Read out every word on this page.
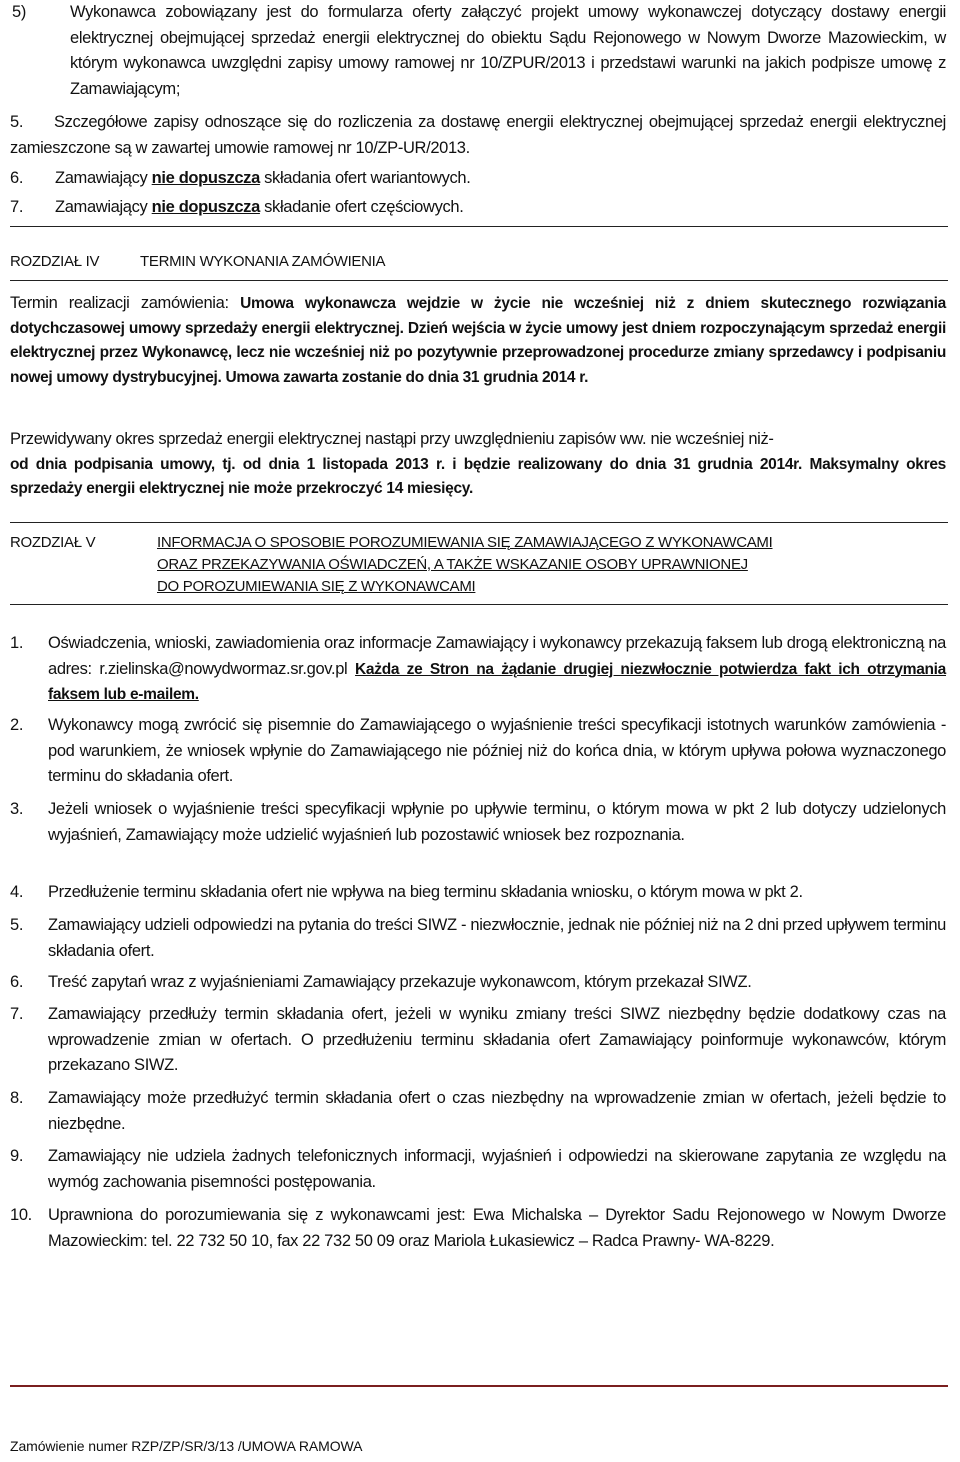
5)	Wykonawca zobowiązany jest do formularza oferty załączyć projekt umowy wykonawczej dotyczący dostawy energii elektrycznej obejmującej sprzedaż energii elektrycznej do obiektu Sądu Rejonowego w Nowym Dworze Mazowieckim, w którym wykonawca uwzględni zapisy umowy ramowej nr 10/ZPUR/2013 i przedstawi warunki na jakich podpisze umowę z Zamawiającym;
5.	Szczegółowe zapisy odnoszące się do rozliczenia za dostawę energii elektrycznej obejmującej sprzedaż energii elektrycznej zamieszczone są w zawartej umowie ramowej nr 10/ZP-UR/2013.
6. Zamawiający nie dopuszcza składania ofert wariantowych.
7. Zamawiający nie dopuszcza składanie ofert częściowych.
ROZDZIAŁ IV	TERMIN WYKONANIA ZAMÓWIENIA
Termin realizacji zamówienia: Umowa wykonawcza wejdzie w życie nie wcześniej niż z dniem skutecznego rozwiązania dotychczasowej umowy sprzedaży energii elektrycznej. Dzień wejścia w życie umowy jest dniem rozpoczynającym sprzedaż energii elektrycznej przez Wykonawcę, lecz nie wcześniej niż po pozytywnie przeprowadzonej procedurze zmiany sprzedawcy i podpisaniu nowej umowy dystrybucyjnej. Umowa zawarta zostanie do dnia 31 grudnia 2014 r.
Przewidywany okres sprzedaż energii elektrycznej nastąpi przy uwzględnieniu zapisów ww. nie wcześniej niż-
od dnia podpisania umowy, tj. od dnia 1 listopada 2013 r. i będzie realizowany do dnia 31 grudnia 2014r. Maksymalny okres sprzedaży energii elektrycznej nie może przekroczyć 14 miesięcy.
ROZDZIAŁ V	INFORMACJA O SPOSOBIE POROZUMIEWANIA SIĘ ZAMAWIAJĄCEGO Z WYKONAWCAMI
ORAZ PRZEKAZYWANIA OŚWIADCZEŃ, A TAKŻE WSKAZANIE OSOBY UPRAWNIONEJ
DO POROZUMIEWANIA SIĘ Z WYKONAWCAMI
1. Oświadczenia, wnioski, zawiadomienia oraz informacje Zamawiający i wykonawcy przekazują faksem lub drogą elektroniczną na adres: r.zielinska@nowydwormaz.sr.gov.pl Każda ze Stron na żądanie drugiej niezwłocznie potwierdza fakt ich otrzymania faksem lub e-mailem.
2. Wykonawcy mogą zwrócić się pisemnie do Zamawiającego o wyjaśnienie treści specyfikacji istotnych warunków zamówienia - pod warunkiem, że wniosek wpłynie do Zamawiającego nie później niż do końca dnia, w którym upływa połowa wyznaczonego terminu do składania ofert.
3. Jeżeli wniosek o wyjaśnienie treści specyfikacji wpłynie po upływie terminu, o którym mowa w pkt 2 lub dotyczy udzielonych wyjaśnień, Zamawiający może udzielić wyjaśnień lub pozostawić wniosek bez rozpoznania.
4. Przedłużenie terminu składania ofert nie wpływa na bieg terminu składania wniosku, o którym mowa w pkt 2.
5. Zamawiający udzieli odpowiedzi na pytania do treści SIWZ - niezwłocznie, jednak nie później niż na 2 dni przed upływem terminu składania ofert.
6. Treść zapytań wraz z wyjaśnieniami Zamawiający przekazuje wykonawcom, którym przekazał SIWZ.
7. Zamawiający przedłuży termin składania ofert, jeżeli w wyniku zmiany treści SIWZ niezbędny będzie dodatkowy czas na wprowadzenie zmian w ofertach. O przedłużeniu terminu składania ofert Zamawiający poinformuje wykonawców, którym przekazano SIWZ.
8. Zamawiający może przedłużyć termin składania ofert o czas niezbędny na wprowadzenie zmian w ofertach, jeżeli będzie to niezbędne.
9. Zamawiający nie udziela żadnych telefonicznych informacji, wyjaśnień i odpowiedzi na skierowane zapytania ze względu na wymóg zachowania pisemności postępowania.
10. Uprawniona do porozumiewania się z wykonawcami jest: Ewa Michalska – Dyrektor Sadu Rejonowego w Nowym Dworze Mazowieckim: tel. 22 732 50 10, fax 22 732 50 09 oraz Mariola Łukasiewicz – Radca Prawny- WA-8229.
Zamówienie numer RZP/ZP/SR/3/13 /UMOWA RAMOWA
